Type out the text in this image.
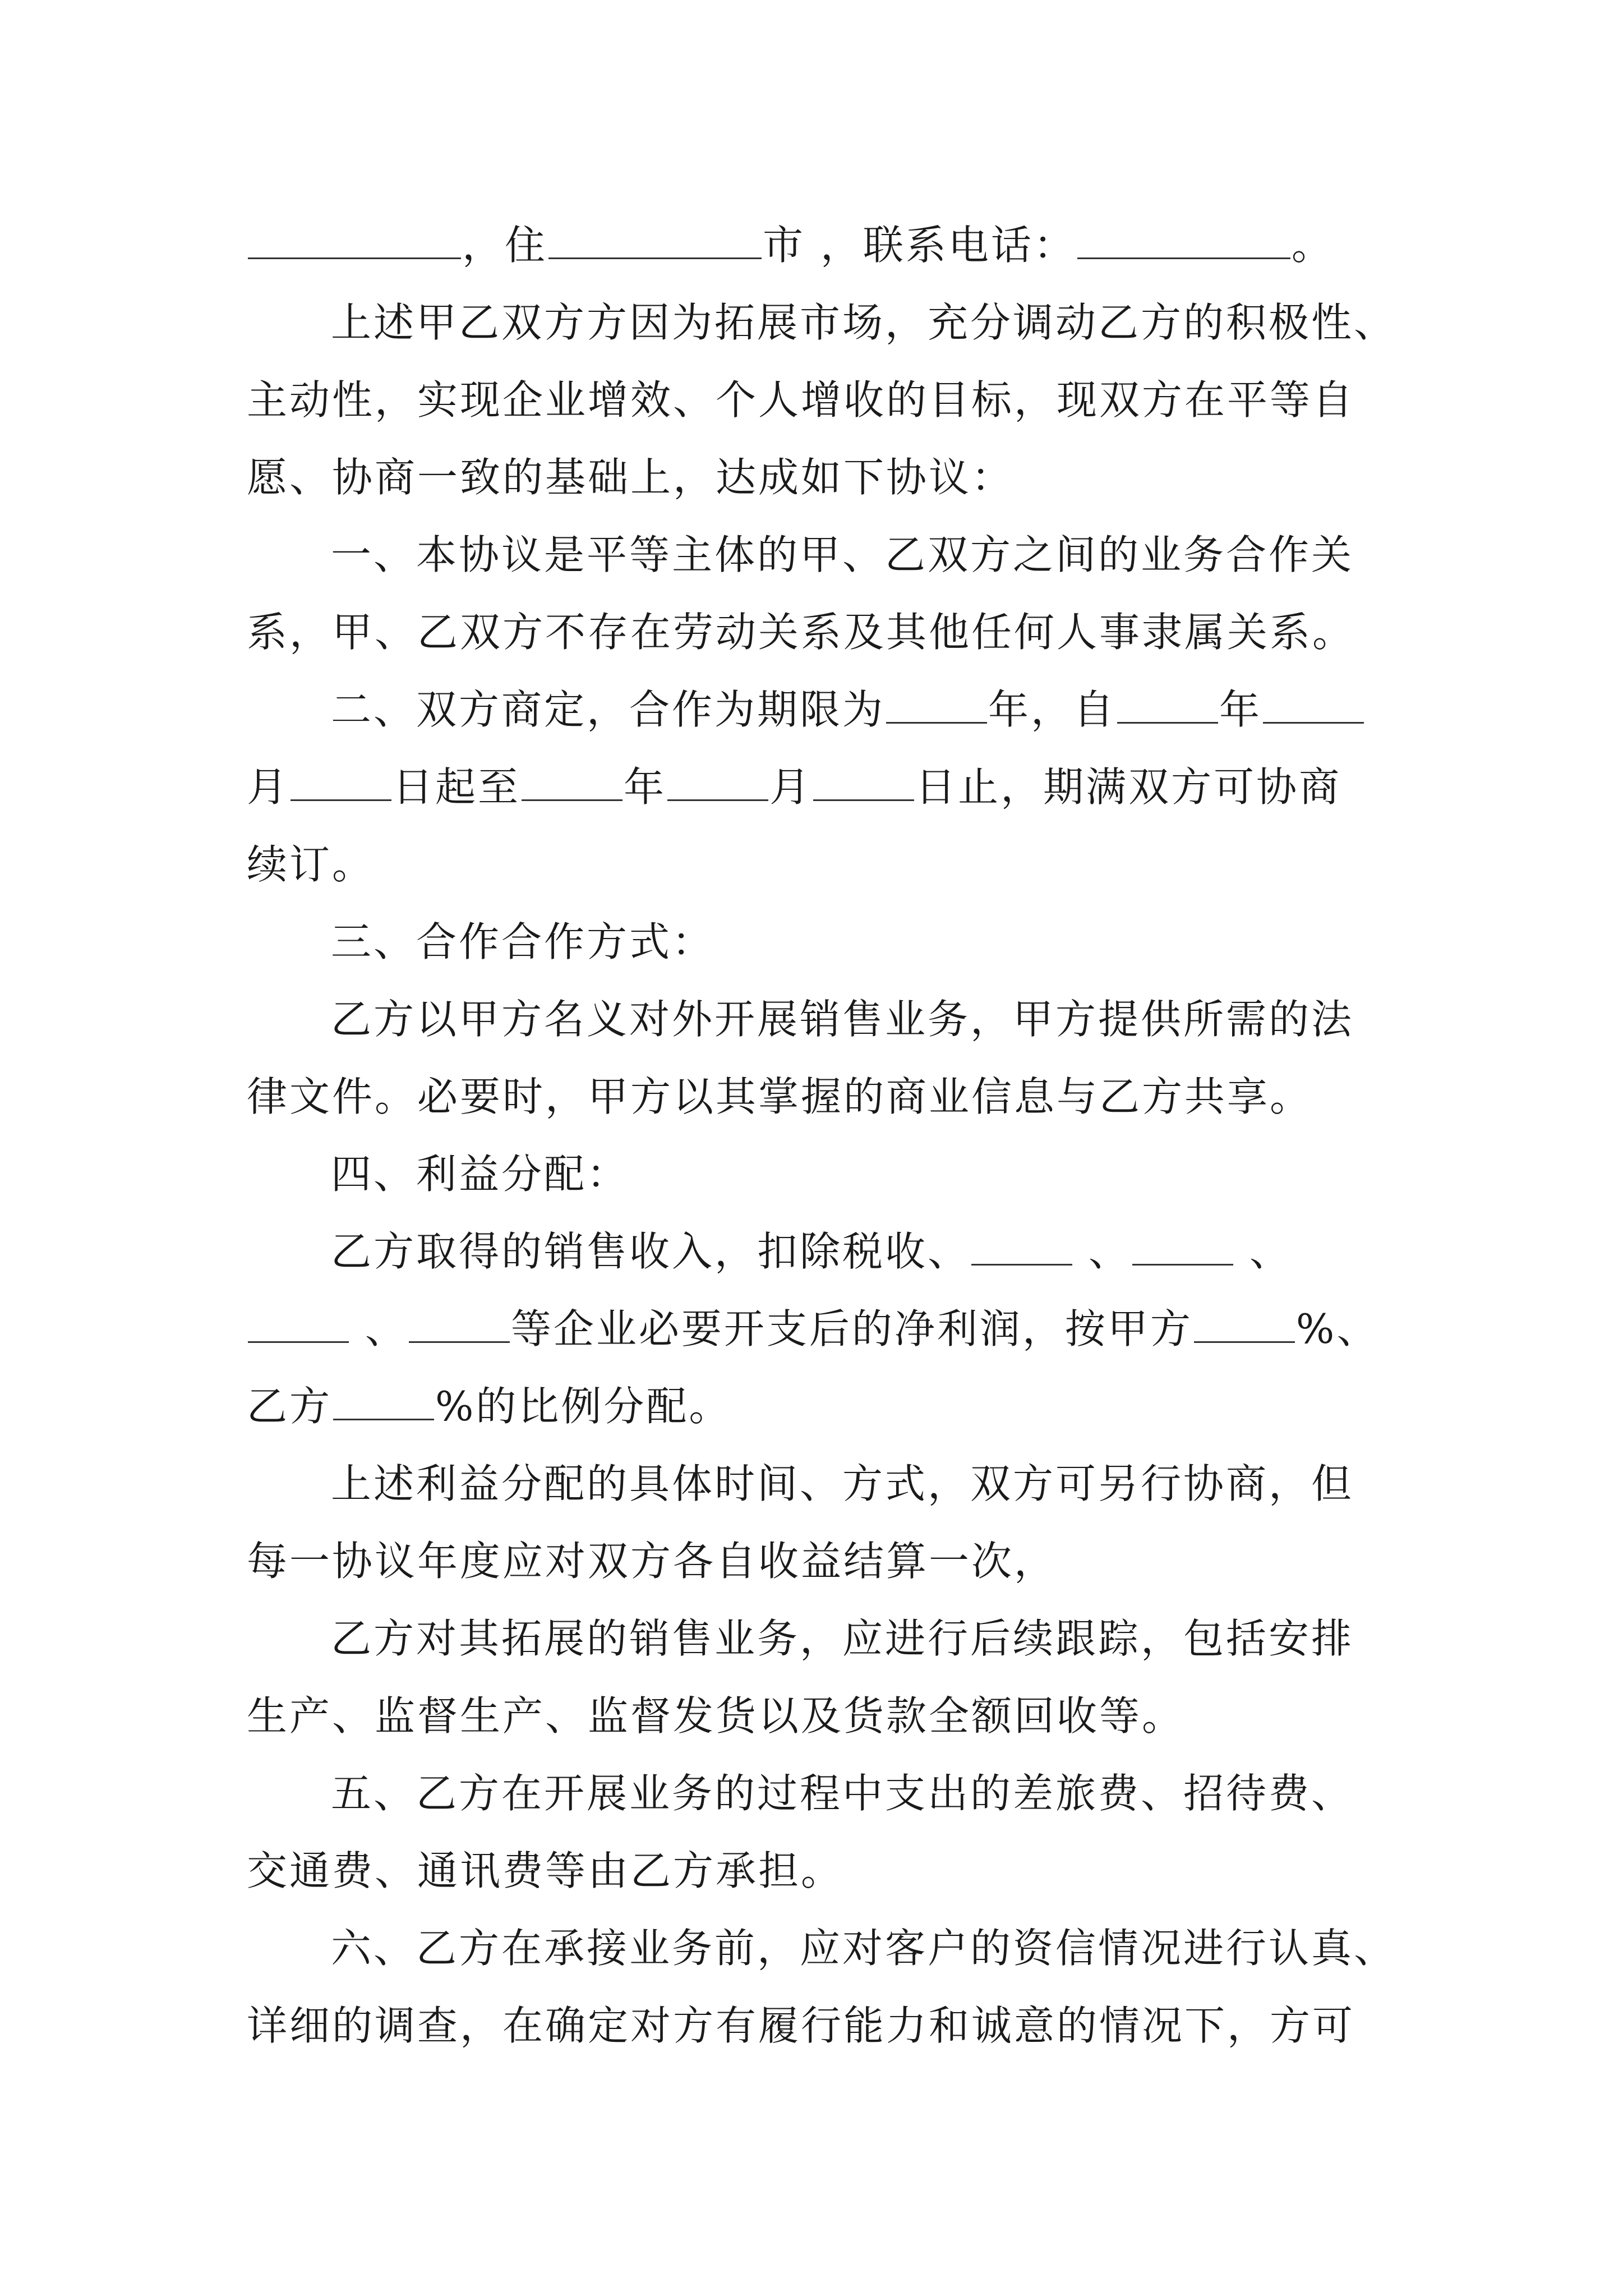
，住	市 ，联系电话：	。
上述甲乙双方方因为拓展市场，充分调动乙方的积极性、
主动性，实现企业增效、个人增收的目标，现双方在平等自
愿、协商一致的基础上，达成如下协议：
一、本协议是平等主体的甲、乙双方之间的业务合作关
系，甲、乙双方不存在劳动关系及其他任何人事隶属关系。
二、双方商定，合作为期限为	年，自	年
月	日起至	年	月	日止，期满双方可协商
续订。
三、合作合作方式：
乙方以甲方名义对外开展销售业务，甲方提供所需的法
律文件。必要时，甲方以其掌握的商业信息与乙方共享。
四、利益分配：
乙方取得的销售收入，扣除税收、	、	、
、	等企业必要开支后的净利润，按甲方	%、
乙方	%的比例分配。
上述利益分配的具体时间、方式，双方可另行协商，但
每一协议年度应对双方各自收益结算一次，
乙方对其拓展的销售业务，应进行后续跟踪，包括安排
生产、监督生产、监督发货以及货款全额回收等。
五、乙方在开展业务的过程中支出的差旅费、招待费、
交通费、通讯费等由乙方承担。
六、乙方在承接业务前，应对客户的资信情况进行认真、
详细的调查，在确定对方有履行能力和诚意的情况下，方可
